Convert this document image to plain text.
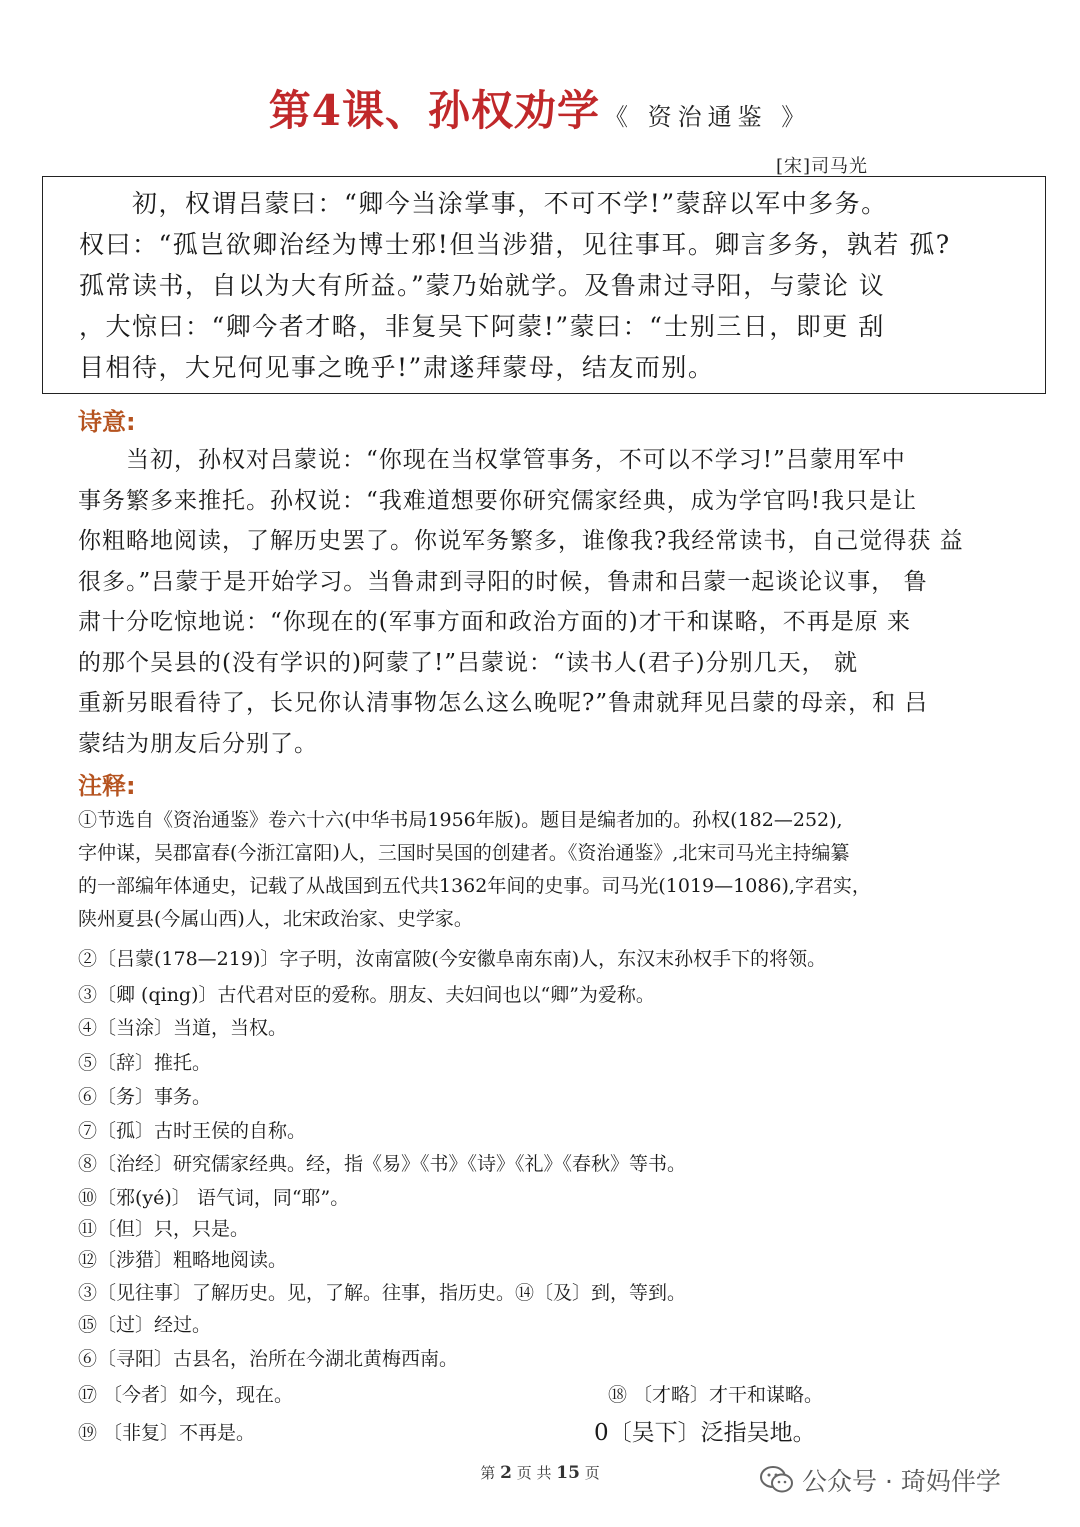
第4课、孙权劝学 《 资治通鉴 》
[宋]司马光
　　初，权谓吕蒙曰：“卿今当涂掌事，不可不学!”蒙辞以军中多务。
权曰：“孤岂欲卿治经为博士邪!但当涉猎，见往事耳。卿言多务，孰若 孤?
孤常读书，自以为大有所益。”蒙乃始就学。及鲁肃过寻阳，与蒙论 议
，大惊曰：“卿今者才略，非复吴下阿蒙!”蒙曰：“士别三日，即更 刮
目相待，大兄何见事之晚乎!”肃遂拜蒙母，结友而别。
诗意:
　　当初，孙权对吕蒙说：“你现在当权掌管事务，不可以不学习!”吕蒙用军中
事务繁多来推托。孙权说：“我难道想要你研究儒家经典，成为学官吗!我只是让
你粗略地阅读，了解历史罢了。你说军务繁多，谁像我?我经常读书，自己觉得获 益
很多。”吕蒙于是开始学习。当鲁肃到寻阳的时候，鲁肃和吕蒙一起谈论议事， 鲁
肃十分吃惊地说：“你现在的(军事方面和政治方面的)才干和谋略，不再是原 来
的那个吴县的(没有学识的)阿蒙了!”吕蒙说：“读书人(君子)分别几天， 就
重新另眼看待了，长兄你认清事物怎么这么晚呢?”鲁肃就拜见吕蒙的母亲，和 吕
蒙结为朋友后分别了。
注释:
①节选自《资治通鉴》卷六十六(中华书局1956年版)。题目是编者加的。孙权(182—252),
字仲谋，吴郡富春(今浙江富阳)人，三国时吴国的创建者。《资治通鉴》,北宋司马光主持编纂
的一部编年体通史，记载了从战国到五代共1362年间的史事。司马光(1019—1086),字君实，
陕州夏县(今属山西)人，北宋政治家、史学家。
②〔吕蒙(178—219)〕字子明，汝南富陂(今安徽阜南东南)人，东汉末孙权手下的将领。
③〔卿 (qing)〕古代君对臣的爱称。朋友、夫妇间也以“卿”为爱称。
④〔当涂〕当道，当权。
⑤〔辞〕推托。
⑥〔务〕事务。
⑦〔孤〕古时王侯的自称。
⑧〔治经〕研究儒家经典。经，指《易》《书》《诗》《礼》《春秋》等书。
⑩〔邪(yé)〕 语气词，同“耶”。
⑪〔但〕只，只是。
⑫〔涉猎〕粗略地阅读。
③〔见往事〕了解历史。见，了解。往事，指历史。⑭〔及〕到，等到。
⑮〔过〕经过。
⑥〔寻阳〕古县名，治所在今湖北黄梅西南。
⑰ 〔今者〕如今，现在。	⑱ 〔才略〕才干和谋略。
⑲ 〔非复〕不再是。	0〔吴下〕泛指吴地。
第 2 页 共 15 页	公众号 · 琦妈伴学
